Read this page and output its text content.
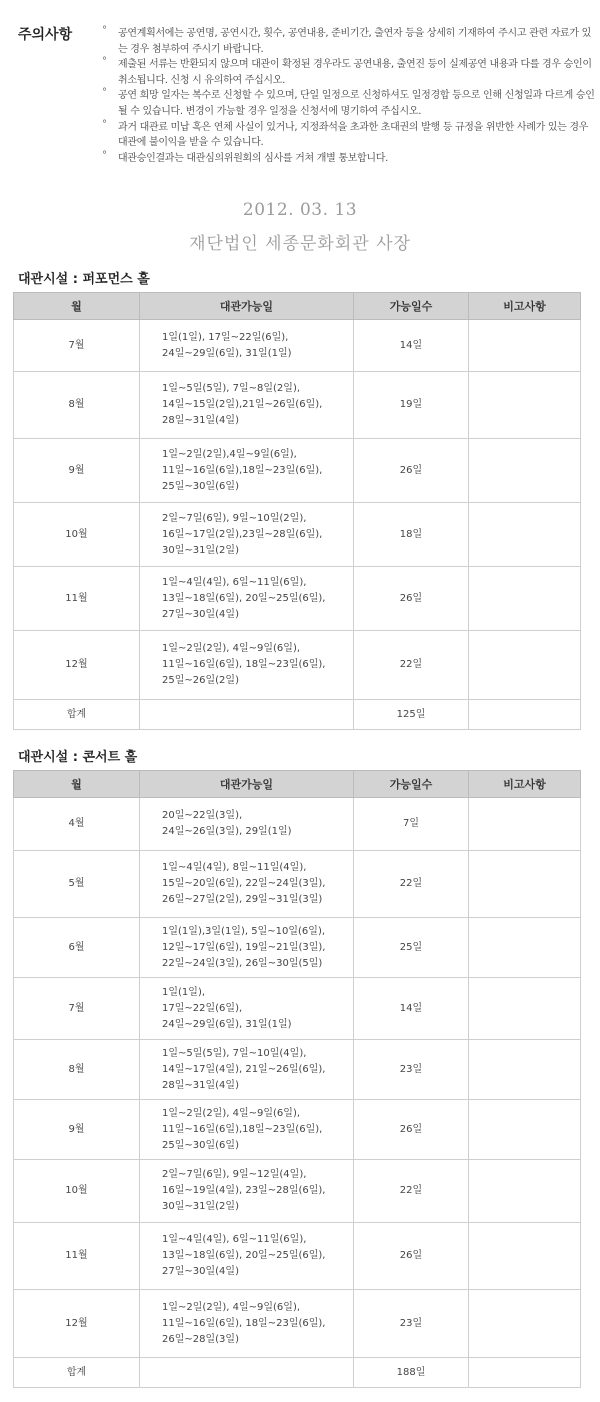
주의사항	° 공연계획서에는 공연명, 공연시간, 횟수, 공연내용, 준비기간, 출연자 등을 상세히 기재하여 주시고 관련 자료가 있는 경우 첨부하여 주시기 바랍니다.
° 제출된 서류는 반환되지 않으며 대관이 확정된 경우라도 공연내용, 출연진 등이 실제공연 내용과 다를 경우 승인이 취소됩니다. 신청 시 유의하여 주십시오.
° 공연 희망 일자는 복수로 신청할 수 있으며, 단일 일정으로 신청하셔도 일정경합 등으로 인해 신청일과 다르게 승인될 수 있습니다. 변경이 가능할 경우 일정을 신청서에 명기하여 주십시오.
° 과거 대관료 미납 혹은 연체 사실이 있거나, 지정좌석을 초과한 초대권의 발행 등 규정을 위반한 사례가 있는 경우 대관에 불이익을 받을 수 있습니다.
° 대관승인결과는 대관심의위원회의 심사를 거쳐 개별 통보합니다.
2012. 03. 13
재단법인 세종문화회관 사장
대관시설 : 퍼포먼스 홀
월	대관가능일	가능일수	비고사항
7월	1일(1일), 17일~22일(6일),
24일~29일(6일), 31일(1일)	14일	
8월	1일~5일(5일), 7일~8일(2일),
14일~15일(2일),21일~26일(6일),
28일~31일(4일)	19일	
9월	1일~2일(2일),4일~9일(6일),
11일~16일(6일),18일~23일(6일),
25일~30일(6일)	26일	
10월	2일~7일(6일), 9일~10일(2일),
16일~17일(2일),23일~28일(6일),
30일~31일(2일)	18일	
11월	1일~4일(4일), 6일~11일(6일),
13일~18일(6일), 20일~25일(6일),
27일~30일(4일)	26일	
12월	1일~2일(2일), 4일~9일(6일),
11일~16일(6일), 18일~23일(6일),
25일~26일(2일)	22일	
합계		125일	
대관시설 : 콘서트 홀
월	대관가능일	가능일수	비고사항
4월	20일~22일(3일),
24일~26일(3일), 29일(1일)	7일	
5월	1일~4일(4일), 8일~11일(4일),
15일~20일(6일), 22일~24일(3일),
26일~27일(2일), 29일~31일(3일)	22일	
6월	1일(1일),3일(1일), 5일~10일(6일),
12일~17일(6일), 19일~21일(3일),
22일~24일(3일), 26일~30일(5일)	25일	
7월	1일(1일),
17일~22일(6일),
24일~29일(6일), 31일(1일)	14일	
8월	1일~5일(5일), 7일~10일(4일),
14일~17일(4일), 21일~26일(6일),
28일~31일(4일)	23일	
9월	1일~2일(2일), 4일~9일(6일),
11일~16일(6일),18일~23일(6일),
25일~30일(6일)	26일	
10월	2일~7일(6일), 9일~12일(4일),
16일~19일(4일), 23일~28일(6일),
30일~31일(2일)	22일	
11월	1일~4일(4일), 6일~11일(6일),
13일~18일(6일), 20일~25일(6일),
27일~30일(4일)	26일	
12월	1일~2일(2일), 4일~9일(6일),
11일~16일(6일), 18일~23일(6일),
26일~28일(3일)	23일	
합계		188일	
